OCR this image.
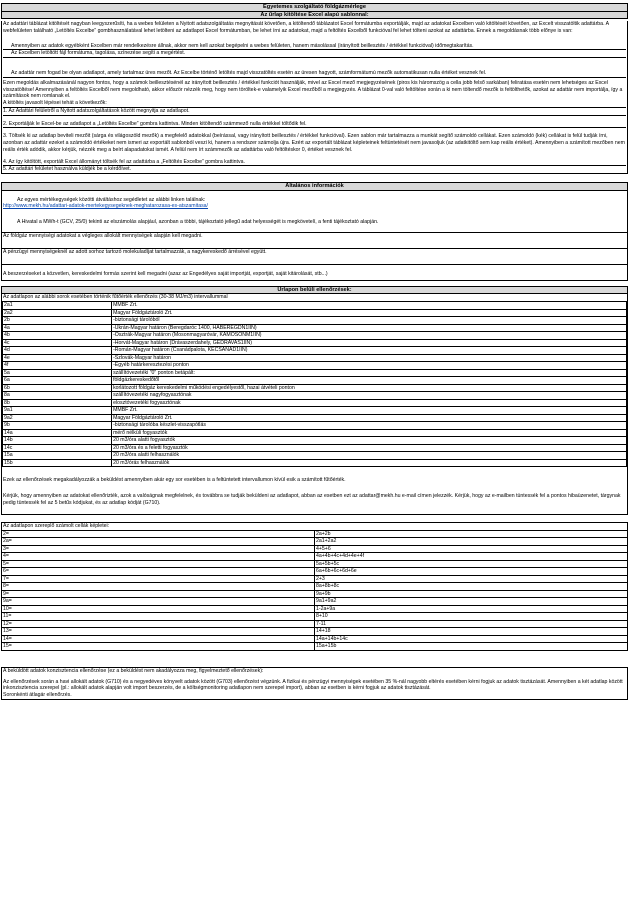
Egyetemes szolgáltató földgázmérlege
Az űrlap kitöltése Excel alapú sablonnal:
Az adattári táblázat kitöltését nagyban leegyszerűsíti, ha a webes felületen a Nyitott adatszolgáltatás megnyitását követően, a kitöltendő táblázatot Excel formátumba exportálják, majd az adatokat Excelben való kitöltését követően, az Excelt visszatöltik adattárba. A webfelületen található „Letöltés Excelbe” gombhasználatával lehet letölteni az adatlapot Excel formátumban, be lehet írni az adatokat, majd a feltöltés Excelből funkcióval fel lehet tölteni azokat az adattárba. Ennek a megoldásnak több előnye is van:
Amennyiben az adatok egyébként Excelben már rendelkezésre állnak, akkor nem kell azokat begépelni a webes felületen, hanem másolással (irányított beillesztés / értékkel funkcióval) időmegtakarítás.
Az Excelben letöltött fájl formátuma, tagolása, színezése segíti a megértést.
Az adattár nem fogad be olyan adatlapot, amely tartalmaz üres mezőt. Az Excelbe történő letöltés majd visszatöltés esetén az üresen hagyott, számformátumú mezők automatikusan nulla értéket vesznek fel.
Ezen megoldás alkalmazásánál nagyon fontos, hogy a számok beillesztésénél az irányított beillesztés / értékkel funkciót használják, mivel az Excel mező megjegyzésének (piros kis háromszög a cella jobb felső sarkában) feliratása esetén nem lehetséges az Excel visszatöltése! Amennyiben a feltöltés Excelből nem megoldható, akkor először nézzék meg, hogy nem töröltek-e valamelyik Excel mezőből a megjegyzés. A táblázat 0-val való feltöltése során a ki nem töltendő mezők is feltölthetők, azokat az adattár nem importálja, így a számítások nem romlanak el.
A kitöltés javasolt lépései tehát a következők:
1. Az Adattári felületről a Nyitott adatszolgáltatások között megnyitja az adatlapot.
2. Exportálják le Excel-be az adatlapot a „Letöltés Excelbe” gombra kattintva. Minden kitöltendő számmező nulla értékkel töltődik fel.
3. Töltsék ki az adatlap beviteli mezőit (sárga és világoszöld mezők) a megfelelő adatokkal (beírással, vagy irányított beillesztés / értékkel funkcióval). Ezen sablon már tartalmazza a munkát segítő számoldó cellákat. Ezen számoldó (kék) cellákat is felül tudják írni, azonban az adattár ezeket a számoldó értékeket nem ismeri az exportált sablonból veszi ki, hanem a rendszer számolja újra. Ezért az exportált táblázat képleteinek feltüntetését nem javasoljuk (az adatkitöltő sem kap reális értéket). Amennyiben a számított mezőben nem reális érték adódik, akkor kérjük, nézzék meg a beírt alapadatokat ismét. A feliül nem írt számmezők az adattárba való feltöltéskor 0, értéket vesznek fel.
4. Az így kitöltött, exportált Excel állományt töltsék fel az adattárba a „Feltöltés Excelbe” gombra kattintva.
5. Az adattári felületet használva küldjék be a kérdőívet.
Általános információk
Az egyes mértékegységek közötti átváltáshoz segédletet az alábbi linken találnak:
http://www.mekh.hu/adattari-adatok-mertekegysegeknek-meghatarozasa-es-atszamitasa/
A Hivatal a MWh-t (GCV, 25/0) tekinti az elszámolás alapjául, azonban a többi, tájékoztató jellegű adat helyességét is megkövetelí, a fenti tájékoztató alapján.
Az földgáz mennyiségi adatokat a végleges allokált mennyiségek alapján kell megadni.
A pénzügyi mennyiségeknél az adott sorhoz tartozó molekuladíjat tartalmazzák, a nagykereskedő árrésével együtt.
A beszerzéseket a közvetlen, kereskedelmi formás szerint kell megadni (azaz az Engedélyes saját importját, exportját, saját kitárolását, stb...)
Űrlapon belüli ellenőrzések:
Az adatlapon az alábbi sorok esetében történik fűtőérték ellenőrzés (30-38 MJ/m3) intervallummal
2a1	MMBF Zrt.
2a2	Magyar Földgáztároló Zrt.
2b	-biztonsági tárolóból
4a	-Ukrán-Magyar határon (Beregdaróc 1400, HABEREGDN1IIN)
4b	-Osztrák-Magyar határon (Mosonmagyaróvár, KAMOSONM1IIN)
4c	-Horvát-Magyar határon (Drávaszerdahely, GEDRAVAS1IIN)
4d	-Román-Magyar határon (Csanádpalota, KECSANAD1IIN)
4e	-Szlovák-Magyar határon
4f	-Egyéb határkeresztezési ponton
5a	szállítóvezetéki "0" ponton betápált:
6a	földgázkereskedőtől
6b	korlátozott földgáz kereskedelmi működési engedélyestől, hazai átvételi ponton
8a	szállítóvezetéki nagyfogyasztónak
8b	elosztóvezetéki fogyasztónak
9a1	MMBF Zrt.
9a2	Magyar Földgáztároló Zrt.
9b	-biztonsági tárolóba készlet-visszapótlás
14a	mérő nélküli fogyasztók
14b	20 m3/óra alatti fogyasztók
14c	20 m3/óra és a feletti fogyasztók
15a	20 m3/óra alatti felhasználók
15b	20 m3/órás felhasználók
Ezek az ellenőrzések megakadályozzák a beküldést amennyiben akár egy sor esetében is a feltüntetett intervallumon kívül esik a számított fűtőérték.
Kérjük, hogy amennyiben az adatokat ellenőrizték, azok a valóságnak megfelelnek, és továbbra se tudják beküldeni az adatlapot, abban az esetben ezt az adattar@mekh.hu e-mail címen jelezzék. Kérjük, hogy az e-mailben tüntessék fel a pontos hibaüzenetet, tárgynak pedig tüntessék fel az 5 betűs kódjukat, és az adatlap kódját (G710).
Az adatlapon szereplő számolt cellák képletei:	
2=	2a+2b
2a=	2a1+2a2
3=	4+5+6
4=	4a+4b+4c+4d+4e+4f
5=	5a+5b+5c
6=	6a+6b+6c+6d+6e
7=	2+3
8=	8a+8b+8c
9=	9a+9b
9a=	9a1+9a2
10=	1-2a+9a
11=	8+10
12=	7-11
13=	14+18
14=	14a+14b+14c
15=	15a+15b
A beküldött adatok konzisztencia ellenőrzése (ez a beküldést nem akadályozza meg, figyelmeztető ellenőrzések):
Az ellenőrzések során a havi allokált adatok (G710) és a negyedéves könyvelt adatok között (G703) ellenőrzést végzünk. A fizikai és pénzügyi mennyiségek esetében 35 %-nál nagyobb eltérés esetében kérni fogjuk az adatok tisztázását. Amennyiben a két adatlap között inkonzisztencia szerepel (pl.: allokált adatok alapján volt import beszerzés, de a költségmonitoring adatlapon nem szerepel import), abban az esetben is kérni fogjuk az adatok tisztázását.
Soronkénti átlagár ellenőrzés.
